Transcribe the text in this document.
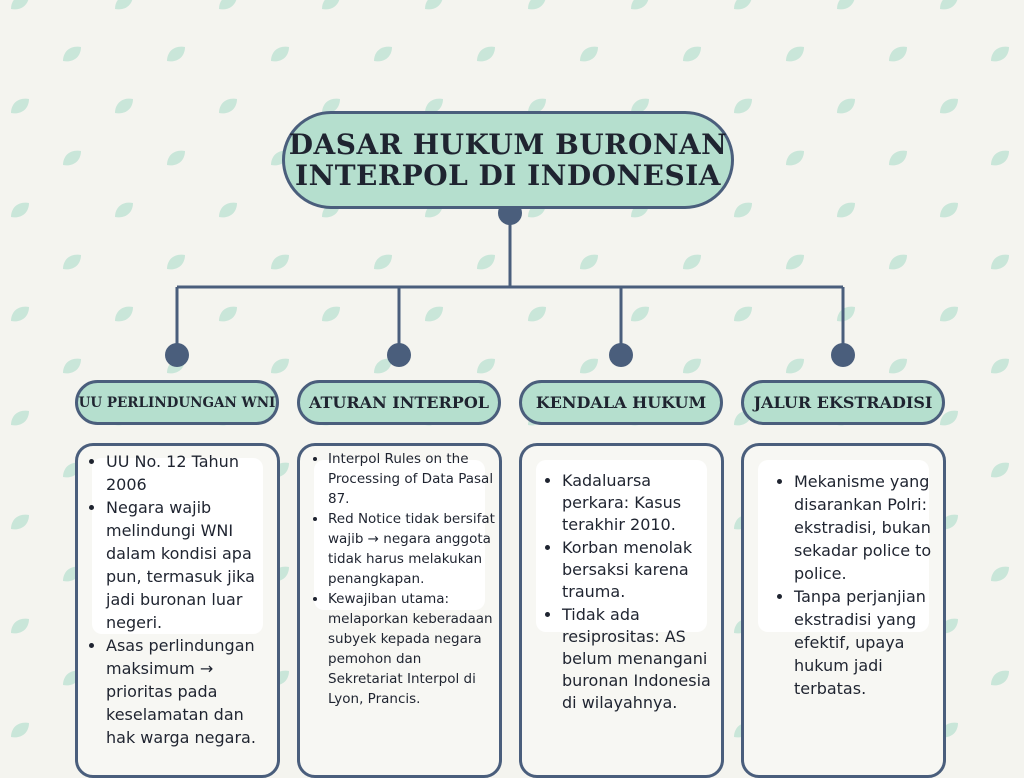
DASAR HUKUM BURONAN INTERPOL DI INDONESIA
UU PERLINDUNGAN WNI
• UU No. 12 Tahun 2006
• Negara wajib melindungi WNI dalam kondisi apa pun, termasuk jika jadi buronan luar negeri.
• Asas perlindungan maksimum → prioritas pada keselamatan dan hak warga negara.
ATURAN INTERPOL
• Interpol Rules on the Processing of Data Pasal 87.
• Red Notice tidak bersifat wajib → negara anggota tidak harus melakukan penangkapan.
• Kewajiban utama: melaporkan keberadaan subyek kepada negara pemohon dan Sekretariat Interpol di Lyon, Prancis.
KENDALA HUKUM
• Kadaluarsa perkara: Kasus terakhir 2010.
• Korban menolak bersaksi karena trauma.
• Tidak ada resiprositas: AS belum menangani buronan Indonesia di wilayahnya.
JALUR EKSTRADISI
• Mekanisme yang disarankan Polri: ekstradisi, bukan sekadar police to police.
• Tanpa perjanjian ekstradisi yang efektif, upaya hukum jadi terbatas.
